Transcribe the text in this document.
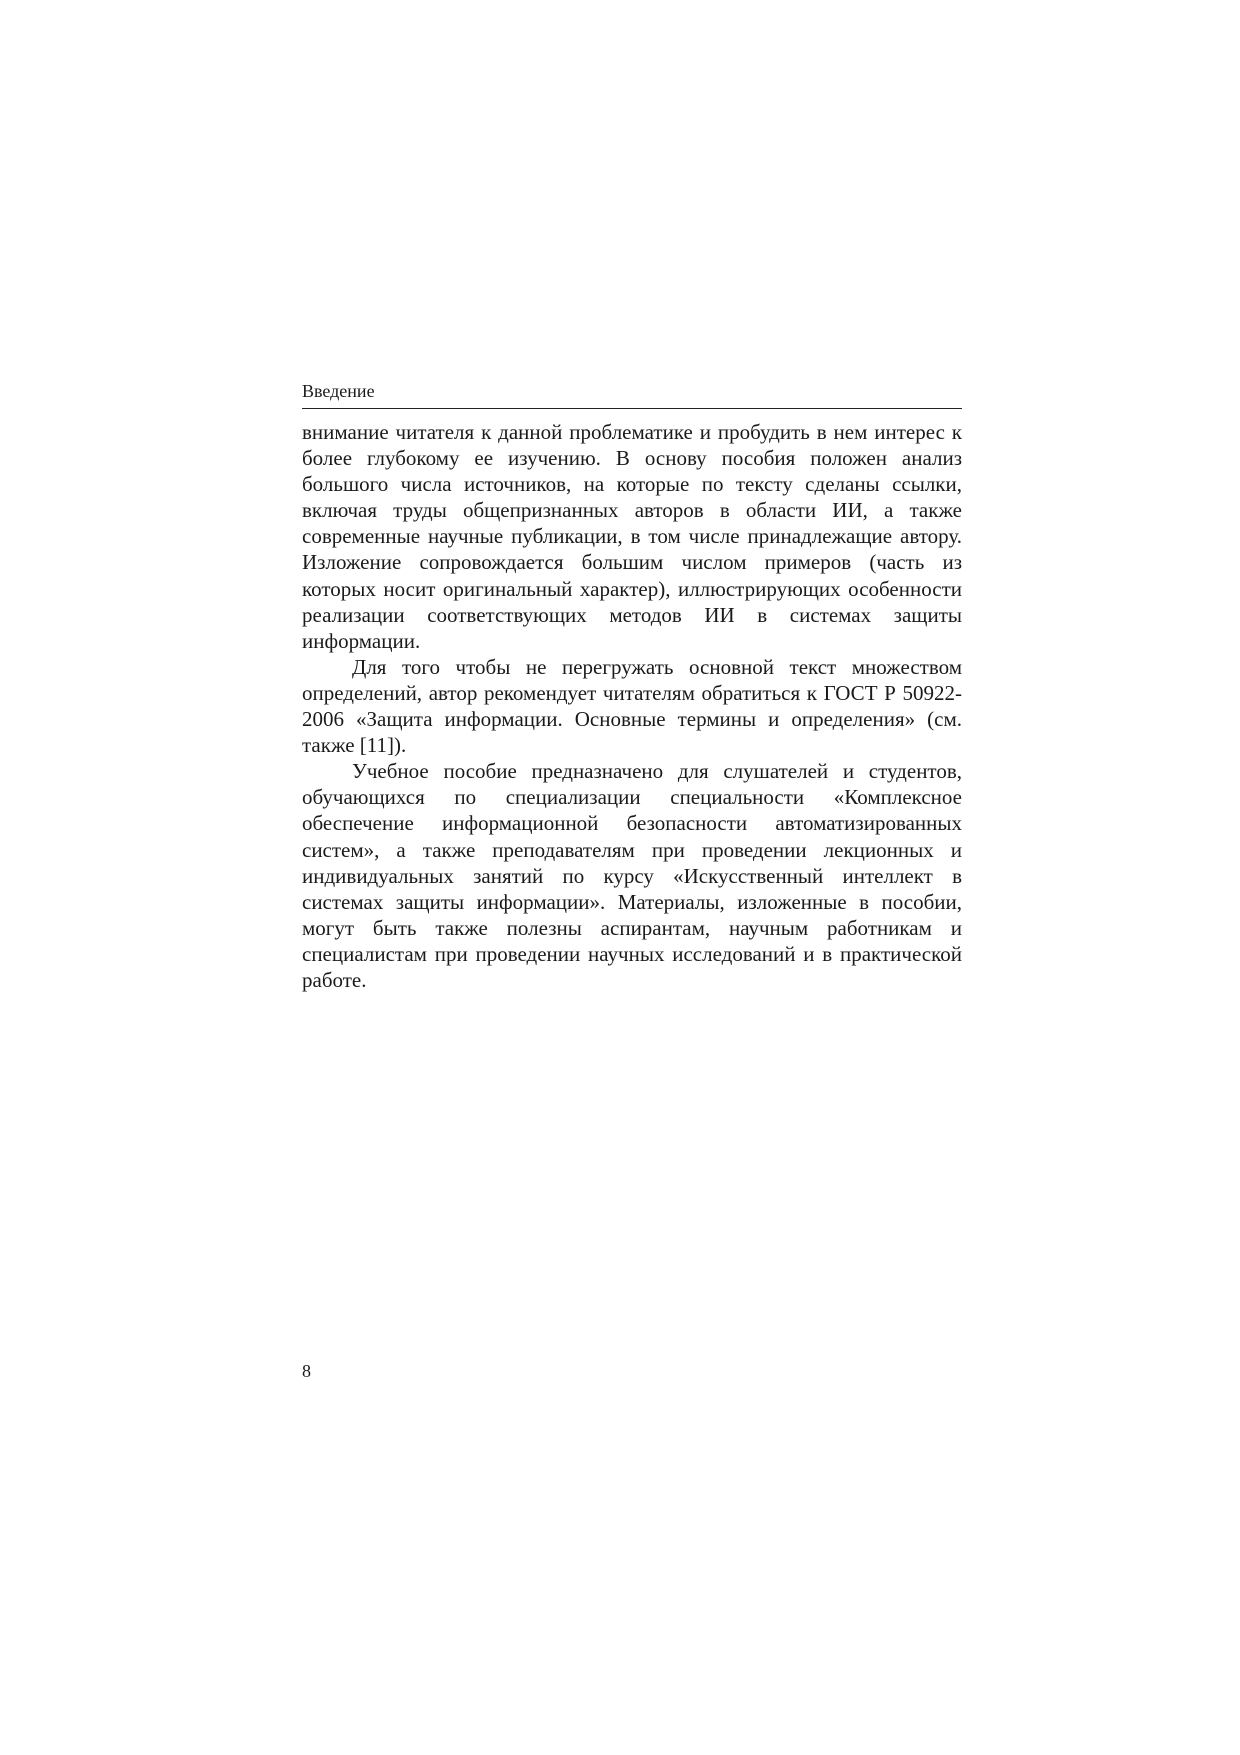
Введение

внимание читателя к данной проблематике и пробудить в нем интерес к более глубокому ее изучению. В основу пособия положен анализ большого числа источников, на которые по тексту сделаны ссылки, включая труды общепризнанных авторов в области ИИ, а также современные научные публикации, в том числе принадлежащие автору. Изложение сопровождается большим числом примеров (часть из которых носит оригинальный характер), иллюстрирующих особенности реализации соответствующих методов ИИ в системах защиты информации.

Для того чтобы не перегружать основной текст множеством определений, автор рекомендует читателям обратиться к ГОСТ Р 50922-2006 «Защита информации. Основные термины и определения» (см. также [11]).

Учебное пособие предназначено для слушателей и студентов, обучающихся по специализации специальности «Комплексное обеспечение информационной безопасности автоматизированных систем», а также преподавателям при проведении лекционных и индивидуальных занятий по курсу «Искусственный интеллект в системах защиты информации». Материалы, изложенные в пособии, могут быть также полезны аспирантам, научным работникам и специалистам при проведении научных исследований и в практической работе.

8
